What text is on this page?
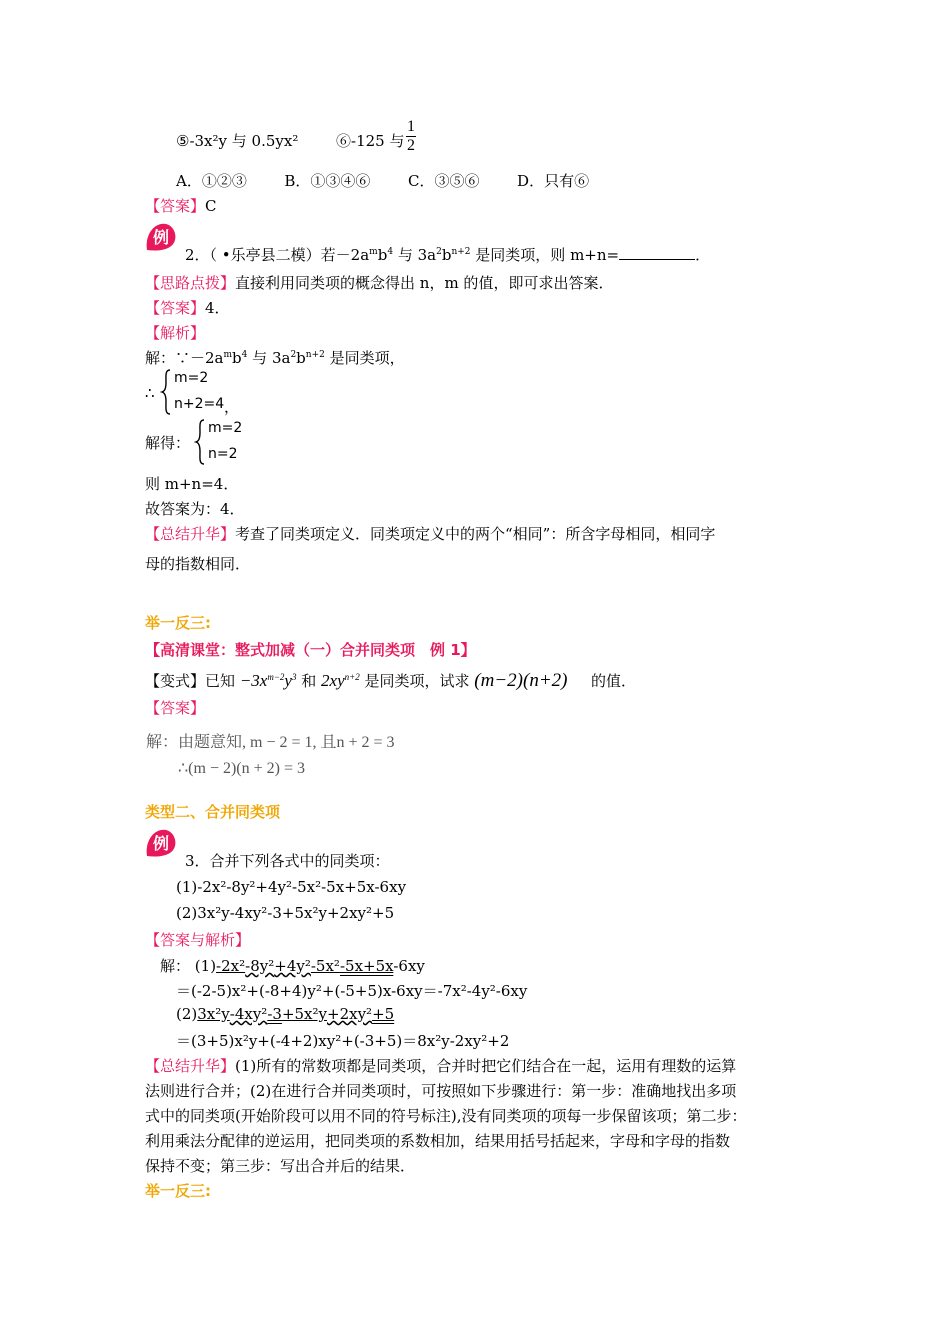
⑤-3x²y 与 0.5yx²	⑥-125 与 $\frac{1}{2}$
A．①②③	B．①③④⑥	C．③⑤⑥	D．只有⑥
【答案】C
例
2．（ •乐亭县二模）若$-2a^mb^4$ 与 $3a^2b^{n+2}$ 是同类项，则 m+n=	．
【思路点拨】直接利用同类项的概念得出 n，m 的值，即可求出答案．
【答案】4．
【解析】
解：$\because-2a^mb^4$ 与 $3a^2b^{n+2}$ 是同类项，
∴
m=2
n+2=4 ，
解得：
m=2
n=2
则 m+n=4．
故答案为：4．
【总结升华】考查了同类项定义．同类项定义中的两个“相同”：所含字母相同，相同字
母的指数相同．
举一反三:
【高清课堂：整式加减（一）合并同类项　例 1】
【变式】已知 $-3x^{m-2}y^3$ 和 $2xy^{n+2}$ 是同类项，试求 (m−2)(n+2) 的值．
【答案】
解：由题意知, m − 2 = 1, 且n + 2 = 3
∴(m − 2)(n + 2) = 3
类型二、合并同类项
例
3．合并下列各式中的同类项：
(1)-2x²-8y²+4y²-5x²-5x+5x-6xy
(2)3x²y-4xy²-3+5x²y+2xy²+5
【答案与解析】
解： (1)-2x²-8y²+4y²-5x²-5x+5x-6xy
＝(-2-5)x²+(-8+4)y²+(-5+5)x-6xy＝-7x²-4y²-6xy
(2)3x²y-4xy²-3+5x²y+2xy²+5
＝(3+5)x²y+(-4+2)xy²+(-3+5)＝8x²y-2xy²+2
【总结升华】(1)所有的常数项都是同类项，合并时把它们结合在一起，运用有理数的运算
法则进行合并；(2)在进行合并同类项时，可按照如下步骤进行：第一步：准确地找出多项
式中的同类项(开始阶段可以用不同的符号标注),没有同类项的项每一步保留该项；第二步：
利用乘法分配律的逆运用，把同类项的系数相加，结果用括号括起来，字母和字母的指数
保持不变；第三步：写出合并后的结果．
举一反三:
